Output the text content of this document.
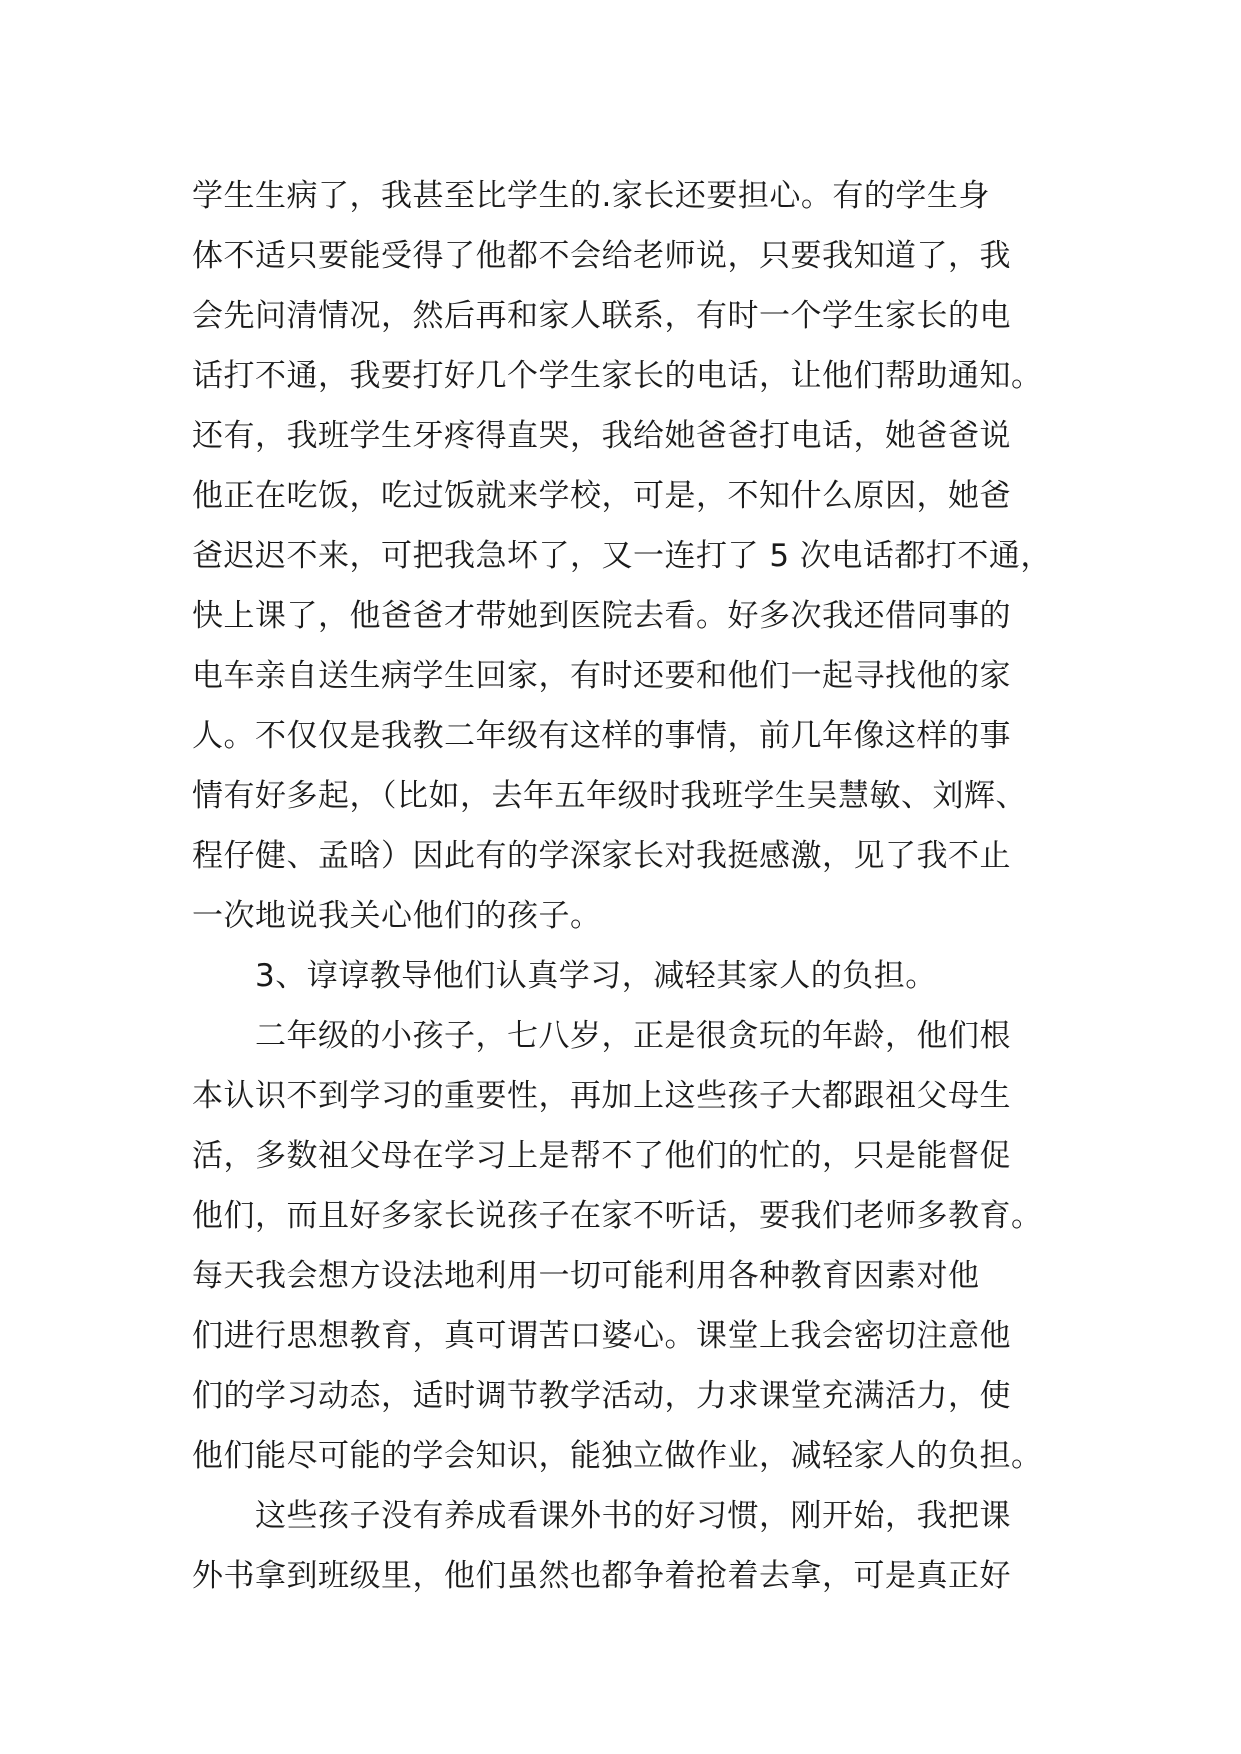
学生生病了，我甚至比学生的.家长还要担心。有的学生身
体不适只要能受得了他都不会给老师说，只要我知道了，我
会先问清情况，然后再和家人联系，有时一个学生家长的电
话打不通，我要打好几个学生家长的电话，让他们帮助通知。
还有，我班学生牙疼得直哭，我给她爸爸打电话，她爸爸说
他正在吃饭，吃过饭就来学校，可是，不知什么原因，她爸
爸迟迟不来，可把我急坏了，又一连打了 5 次电话都打不通，
快上课了，他爸爸才带她到医院去看。好多次我还借同事的
电车亲自送生病学生回家，有时还要和他们一起寻找他的家
人。不仅仅是我教二年级有这样的事情，前几年像这样的事
情有好多起，（比如，去年五年级时我班学生吴慧敏、刘辉、
程仔健、孟晗）因此有的学深家长对我挺感激，见了我不止
一次地说我关心他们的孩子。
　　3、谆谆教导他们认真学习，减轻其家人的负担。
　　二年级的小孩子，七八岁，正是很贪玩的年龄，他们根
本认识不到学习的重要性，再加上这些孩子大都跟祖父母生
活，多数祖父母在学习上是帮不了他们的忙的，只是能督促
他们，而且好多家长说孩子在家不听话，要我们老师多教育。
每天我会想方设法地利用一切可能利用各种教育因素对他
们进行思想教育，真可谓苦口婆心。课堂上我会密切注意他
们的学习动态，适时调节教学活动，力求课堂充满活力，使
他们能尽可能的学会知识，能独立做作业，减轻家人的负担。
　　这些孩子没有养成看课外书的好习惯，刚开始，我把课
外书拿到班级里，他们虽然也都争着抢着去拿，可是真正好
